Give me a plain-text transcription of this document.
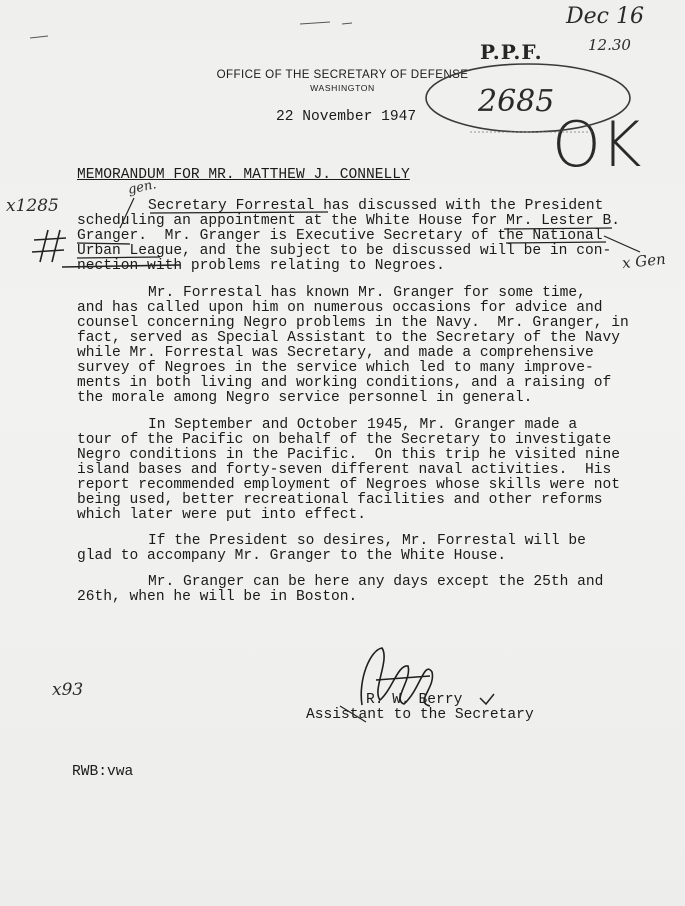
OFFICE OF THE SECRETARY OF DEFENSE
WASHINGTON
22 November 1947
Dec 16
12.30
P.P.F.
2685
OK
x1285
x93
gen.
x Gen
MEMORANDUM FOR MR. MATTHEW J. CONNELLY
Secretary Forrestal has discussed with the President
scheduling an appointment at the White House for Mr. Lester B.
Granger.  Mr. Granger is Executive Secretary of the National
Urban League, and the subject to be discussed will be in con-
nection with problems relating to Negroes.
Mr. Forrestal has known Mr. Granger for some time,
and has called upon him on numerous occasions for advice and
counsel concerning Negro problems in the Navy.  Mr. Granger, in
fact, served as Special Assistant to the Secretary of the Navy
while Mr. Forrestal was Secretary, and made a comprehensive
survey of Negroes in the service which led to many improve-
ments in both living and working conditions, and a raising of
the morale among Negro service personnel in general.
In September and October 1945, Mr. Granger made a
tour of the Pacific on behalf of the Secretary to investigate
Negro conditions in the Pacific.  On this trip he visited nine
island bases and forty-seven different naval activities.  His
report recommended employment of Negroes whose skills were not
being used, better recreational facilities and other reforms
which later were put into effect.
If the President so desires, Mr. Forrestal will be
glad to accompany Mr. Granger to the White House.
Mr. Granger can be here any days except the 25th and
26th, when he will be in Boston.
R. W. Berry
Assistant to the Secretary
RWB:vwa
